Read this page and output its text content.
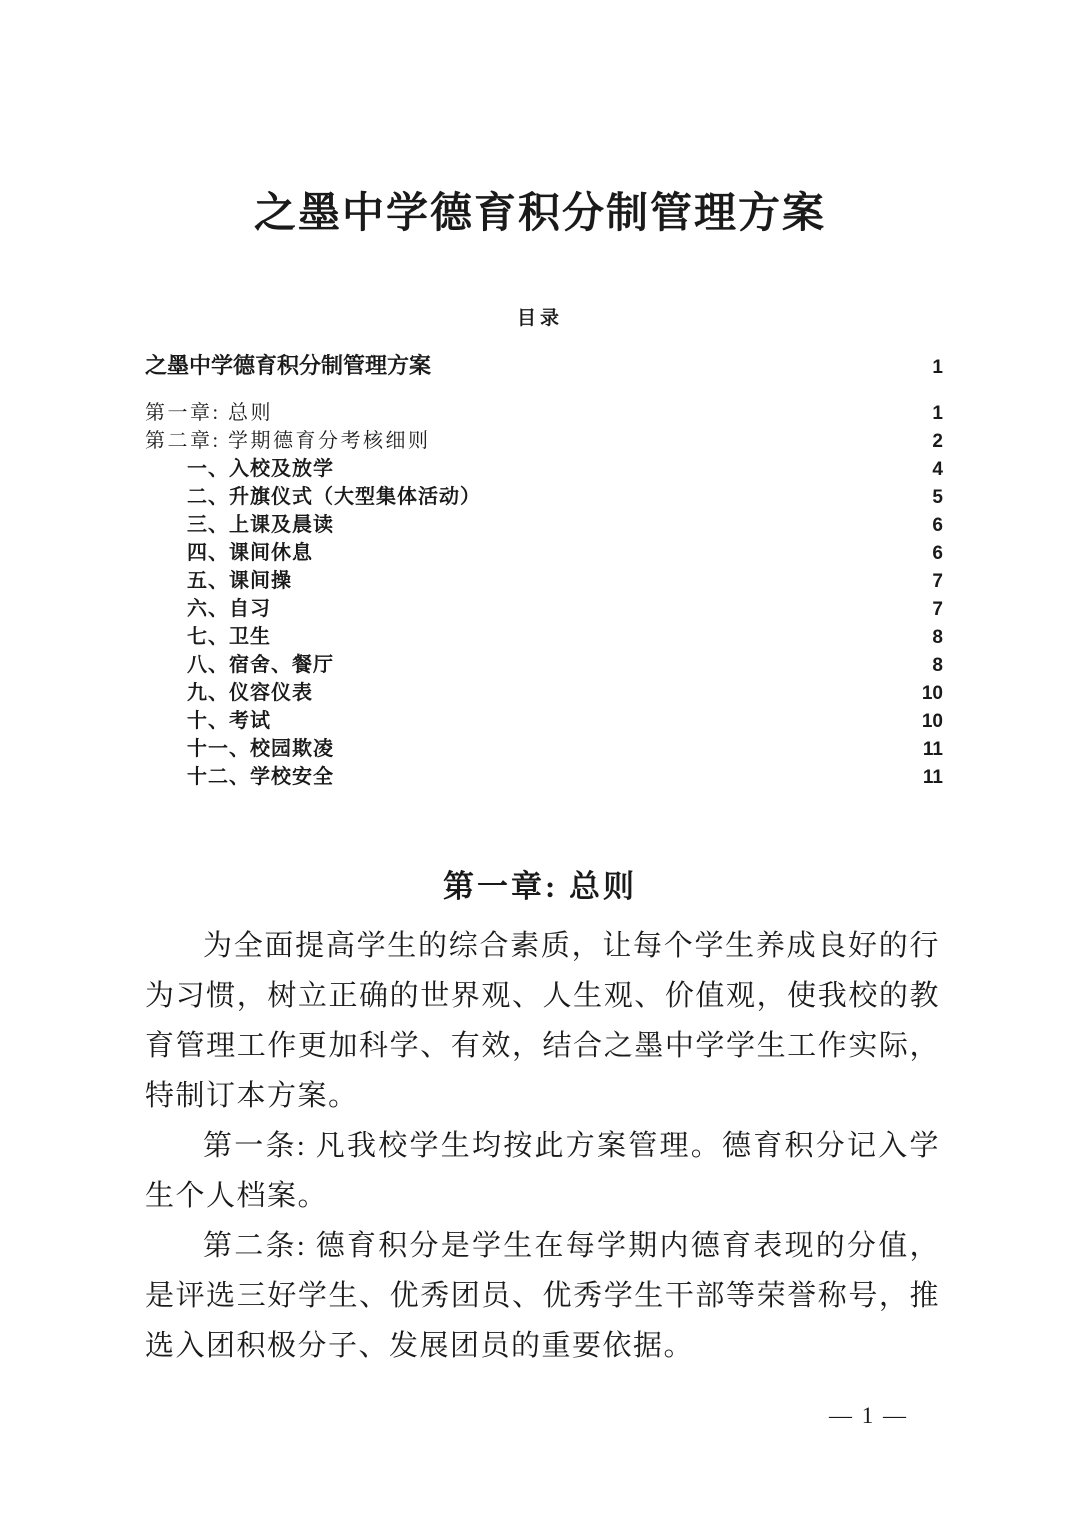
之墨中学德育积分制管理方案
目录
之墨中学德育积分制管理方案	1
第一章: 总则	1
第二章: 学期德育分考核细则	2
一、入校及放学	4
二、升旗仪式（大型集体活动）	5
三、上课及晨读	6
四、课间休息	6
五、课间操	7
六、自习	7
七、卫生	8
八、宿舍、餐厅	8
九、仪容仪表	10
十、考试	10
十一、校园欺凌	11
十二、学校安全	11
第一章: 总则

为全面提高学生的综合素质，让每个学生养成良好的行为习惯，树立正确的世界观、人生观、价值观，使我校的教育管理工作更加科学、有效，结合之墨中学学生工作实际，特制订本方案。

第一条: 凡我校学生均按此方案管理。德育积分记入学生个人档案。

第二条: 德育积分是学生在每学期内德育表现的分值，是评选三好学生、优秀团员、优秀学生干部等荣誉称号，推选入团积极分子、发展团员的重要依据。

— 1 —
